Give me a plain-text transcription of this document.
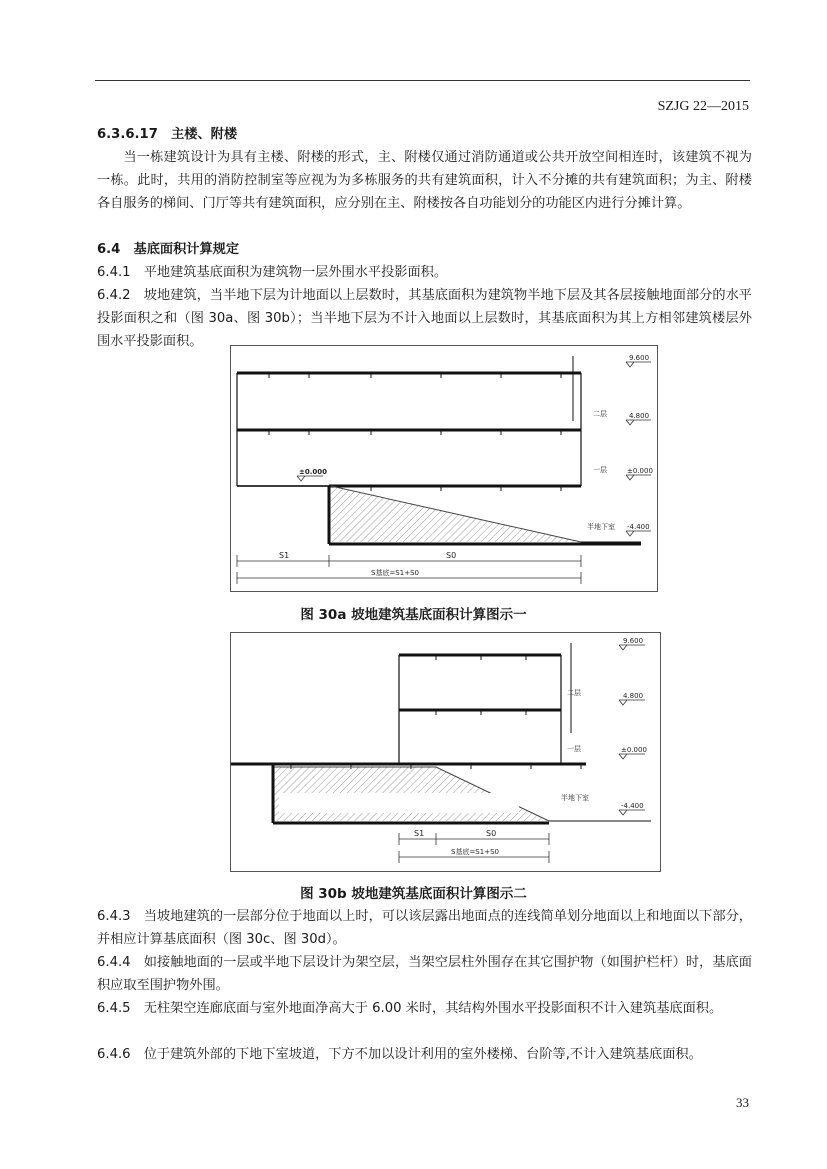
SZJG 22—2015

6.3.6.17　主楼、附楼

当一栋建筑设计为具有主楼、附楼的形式，主、附楼仅通过消防通道或公共开放空间相连时，该建筑不视为一栋。此时，共用的消防控制室等应视为为多栋服务的共有建筑面积，计入不分摊的共有建筑面积；为主、附楼各自服务的梯间、门厅等共有建筑面积，应分别在主、附楼按各自功能划分的功能区内进行分摊计算。

6.4　基底面积计算规定

6.4.1　平地建筑基底面积为建筑物一层外围水平投影面积。

6.4.2　坡地建筑，当半地下层为计地面以上层数时，其基底面积为建筑物半地下层及其各层接触地面部分的水平投影面积之和（图 30a、图 30b）；当半地下层为不计入地面以上层数时，其基底面积为其上方相邻建筑楼层外围水平投影面积。

9.600
4.800
±0.000
-4.400
±0.000
二层
一层
半地下室
S1	S0
S基底=S1+S0
图 30a 坡地建筑基底面积计算图示一
9.600
4.800
±0.000
-4.400
二层
一层
半地下室
S1	S0
S基底=S1+S0
图 30b 坡地建筑基底面积计算图示二

6.4.3　当坡地建筑的一层部分位于地面以上时，可以该层露出地面点的连线简单划分地面以上和地面以下部分，并相应计算基底面积（图 30c、图 30d）。

6.4.4　如接触地面的一层或半地下层设计为架空层，当架空层柱外围存在其它围护物（如围护栏杆）时，基底面积应取至围护物外围。

6.4.5　无柱架空连廊底面与室外地面净高大于 6.00 米时，其结构外围水平投影面积不计入建筑基底面积。

6.4.6　位于建筑外部的下地下室坡道，下方不加以设计利用的室外楼梯、台阶等,不计入建筑基底面积。

33
